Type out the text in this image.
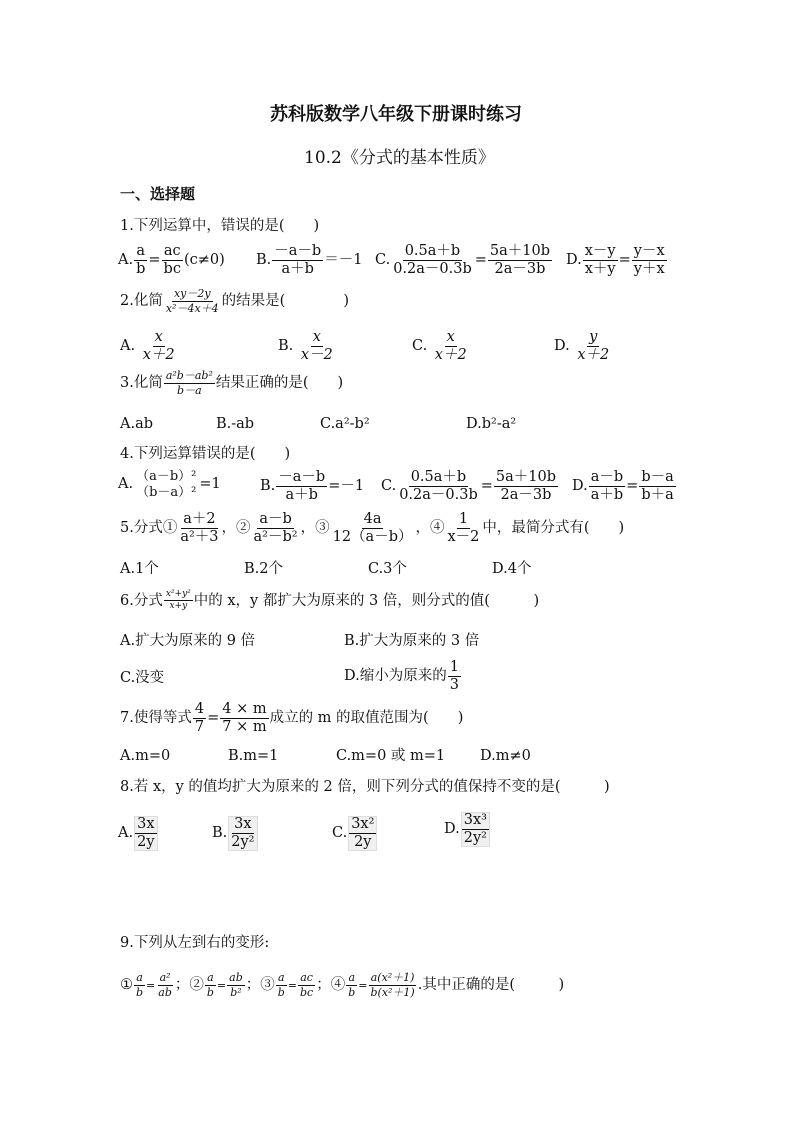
苏科版数学八年级下册课时练习
10.2《分式的基本性质》
一、选择题
1.下列运算中，错误的是(　　)
A.
a
b
=
ac
bc
(c≠0) B.
－a－b
a＋b
＝－1 C.
0.5a＋b
0.2a－0.3b
=
5a＋10b
2a－3b
D.
x－y
x＋y
=
y－x
y＋x
2.化简 xy－2y
x²－4x＋4 的结果是(　　　　)
A.

x
x＋2
B.

x
x－2
C.

x
x＋2
D.

y
x＋2
3.化简 a²b－ab²
b－a 结果正确的是(　　)
A.ab	B.-ab	C.a²-b²	D.b²-a²
4.下列运算错误的是(　　)
A. （a－b）²
（b－a）² =1	B. $\frac{-a-b}{a+b} =-1$ C.
0.5a＋b
0.2a－0.3b
=
5a＋10b
2a－3b
D.
a－b
a＋b
=
b－a
b＋a
5.分式①
a＋2
a²＋3
，②
a－b
a²－b²
，③
4a
12（a－b）
，④
1
x－2
中，最简分式有(　　)
A.1个	B.2个	C.3个	D.4个
6.分式 x²+y²
x+y 中的 x，y 都扩大为原来的 3 倍，则分式的值(　　　)
A.扩大为原来的 9 倍	B.扩大为原来的 3 倍
C.没变	D.缩小为原来的
1
3
7.使得等式
4
7
=
4 × m
7 × m
成立的 m 的取值范围为(　　)
A.m=0	B.m=1	C.m=0 或 m=1 D.m≠0
8.若 x，y 的值均扩大为原来的 2 倍，则下列分式的值保持不变的是(　　　)
A.
3x
2y
B.
3x
2y²
C.
3x²
2y
D.
3x³
2y²
9.下列从左到右的变形:
① $\frac{a}{b} = \frac{\text{a²}}{ab}$ ；② $\frac{a}{b} = \frac{ab}{\text{b²}}$ ；③ $\frac{a}{b} = \frac{ac}{bc}$ ；④ $\frac{a}{b} = \frac{\text{a(x²＋1)}}{\text{b(x²＋1)}}$ .其中正确的是(　　　)
